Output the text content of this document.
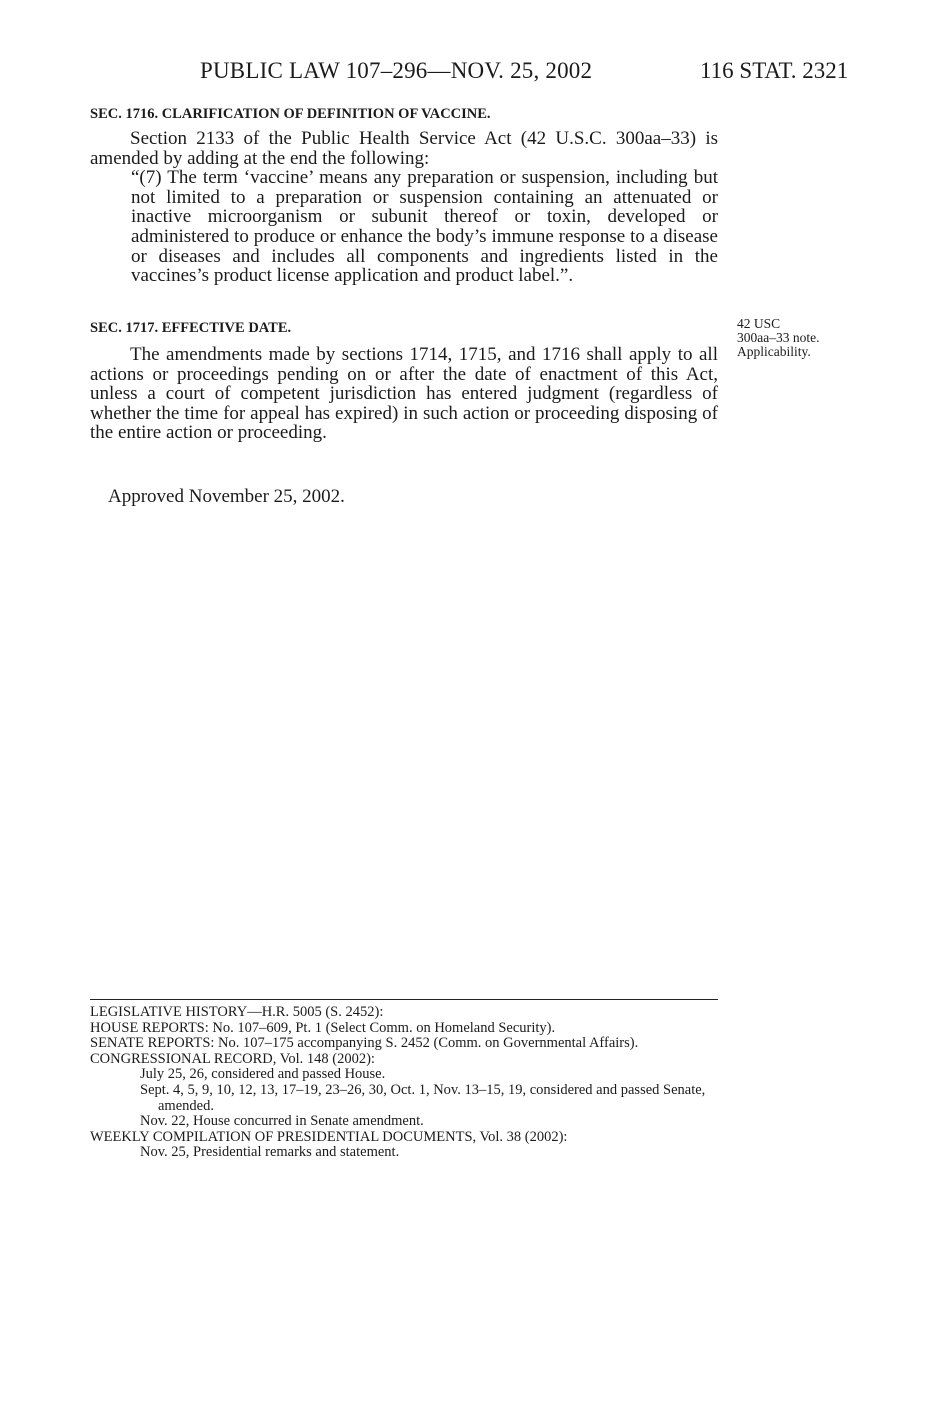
PUBLIC LAW 107–296—NOV. 25, 2002	116 STAT. 2321
SEC. 1716. CLARIFICATION OF DEFINITION OF VACCINE.

Section 2133 of the Public Health Service Act (42 U.S.C. 300aa–33) is amended by adding at the end the following:

“(7) The term ‘vaccine’ means any preparation or suspension, including but not limited to a preparation or suspension containing an attenuated or inactive microorganism or subunit thereof or toxin, developed or administered to produce or enhance the body’s immune response to a disease or diseases and includes all components and ingredients listed in the vaccines’s product license application and product label.”.

SEC. 1717. EFFECTIVE DATE.	42 USC
300aa–33 note.
Applicability.

The amendments made by sections 1714, 1715, and 1716 shall apply to all actions or proceedings pending on or after the date of enactment of this Act, unless a court of competent jurisdiction has entered judgment (regardless of whether the time for appeal has expired) in such action or proceeding disposing of the entire action or proceeding.

Approved November 25, 2002.
LEGISLATIVE HISTORY—H.R. 5005 (S. 2452):
HOUSE REPORTS: No. 107–609, Pt. 1 (Select Comm. on Homeland Security).
SENATE REPORTS: No. 107–175 accompanying S. 2452 (Comm. on Governmental Affairs).
CONGRESSIONAL RECORD, Vol. 148 (2002):
July 25, 26, considered and passed House.
Sept. 4, 5, 9, 10, 12, 13, 17–19, 23–26, 30, Oct. 1, Nov. 13–15, 19, considered and passed Senate, amended.
Nov. 22, House concurred in Senate amendment.
WEEKLY COMPILATION OF PRESIDENTIAL DOCUMENTS, Vol. 38 (2002):
Nov. 25, Presidential remarks and statement.
